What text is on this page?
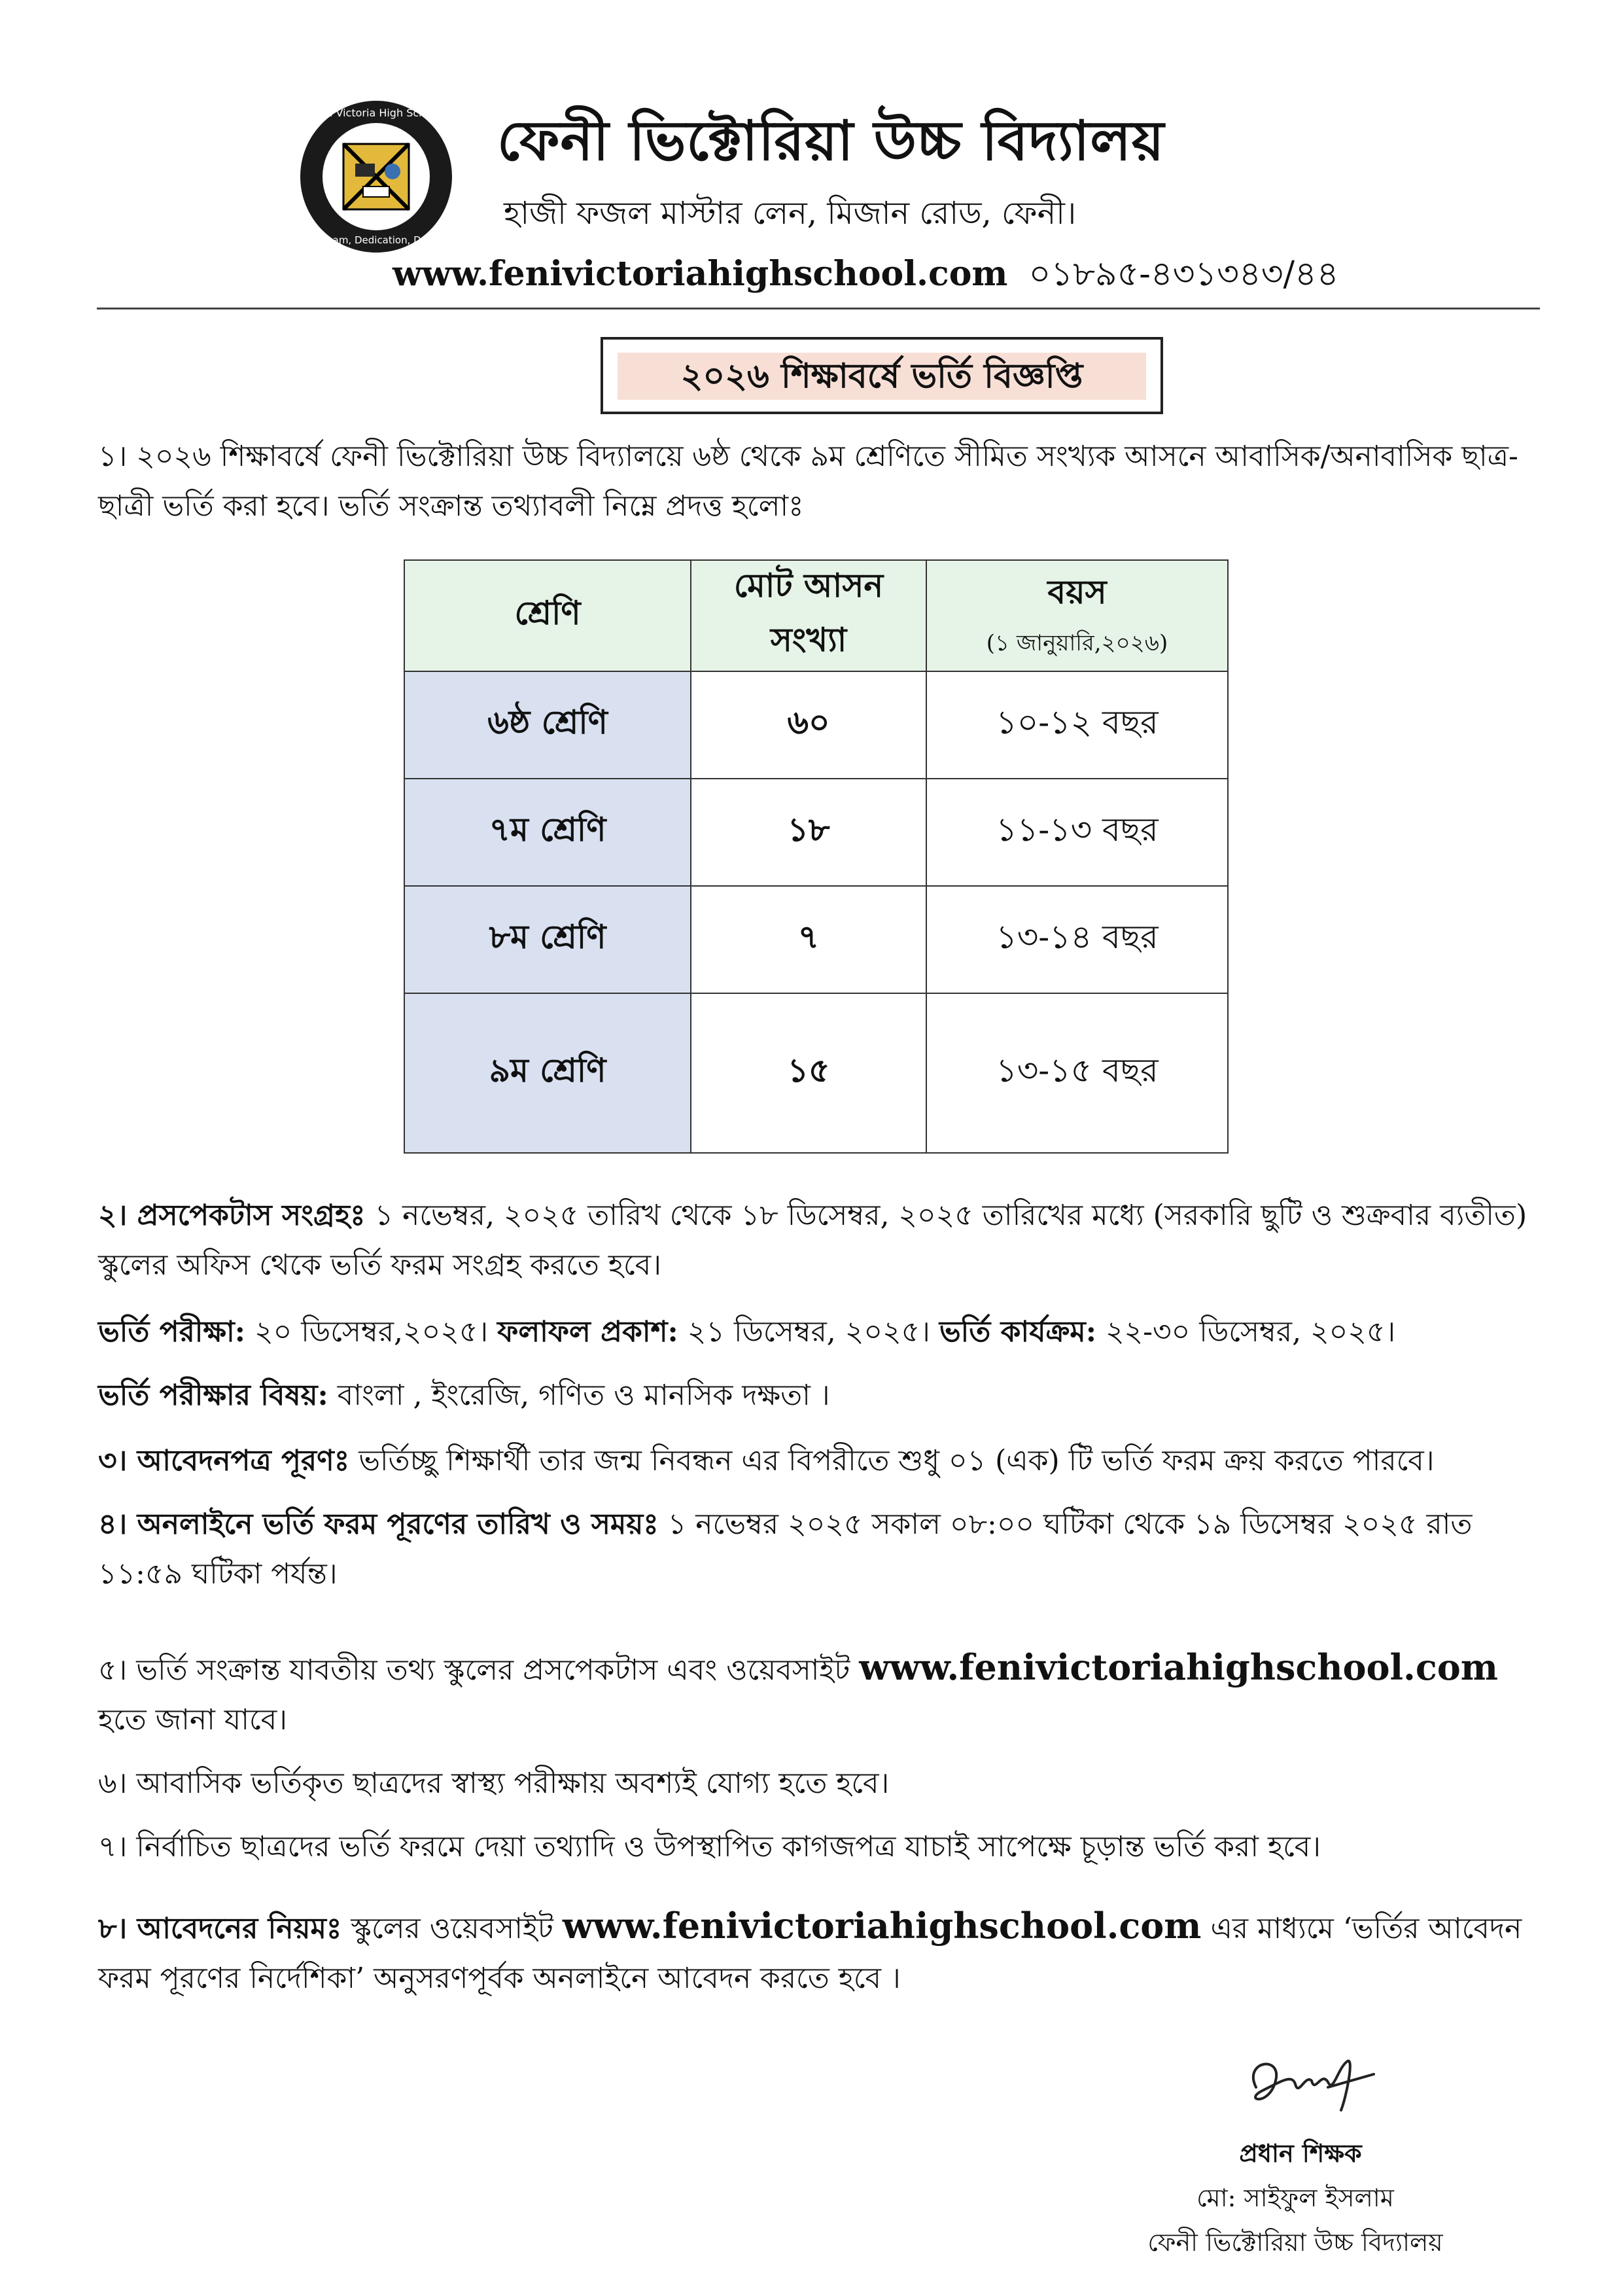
Feni Victoria High School
Dream, Dedication, Duty
ফেনী ভিক্টোরিয়া উচ্চ বিদ্যালয়
হাজী ফজল মাস্টার লেন, মিজান রোড, ফেনী।
www.fenivictoriahighschool.com ০১৮৯৫-৪৩১৩৪৩/৪৪
২০২৬ শিক্ষাবর্ষে ভর্তি বিজ্ঞপ্তি
১। ২০২৬ শিক্ষাবর্ষে ফেনী ভিক্টোরিয়া উচ্চ বিদ্যালয়ে ৬ষ্ঠ থেকে ৯ম শ্রেণিতে সীমিত সংখ্যক আসনে আবাসিক/অনাবাসিক ছাত্র-ছাত্রী ভর্তি করা হবে। ভর্তি সংক্রান্ত তথ্যাবলী নিম্নে প্রদত্ত হলোঃ
শ্রেণি	মোট আসন সংখ্যা	বয়স
(১ জানুয়ারি,২০২৬)

৬ষ্ঠ শ্রেণি	৬০	১০-১২ বছর
৭ম শ্রেণি	১৮	১১-১৩ বছর
৮ম শ্রেণি	৭	১৩-১৪ বছর
৯ম শ্রেণি	১৫	১৩-১৫ বছর
২। প্রসপেকটাস সংগ্রহঃ ১ নভেম্বর, ২০২৫ তারিখ থেকে ১৮ ডিসেম্বর, ২০২৫ তারিখের মধ্যে (সরকারি ছুটি ও শুক্রবার ব্যতীত) স্কুলের অফিস থেকে ভর্তি ফরম সংগ্রহ করতে হবে।
ভর্তি পরীক্ষা: ২০ ডিসেম্বর,২০২৫। ফলাফল প্রকাশ: ২১ ডিসেম্বর, ২০২৫। ভর্তি কার্যক্রম: ২২-৩০ ডিসেম্বর, ২০২৫।
ভর্তি পরীক্ষার বিষয়: বাংলা , ইংরেজি, গণিত ও মানসিক দক্ষতা ।
৩। আবেদনপত্র পূরণঃ ভর্তিচ্ছু শিক্ষার্থী তার জন্ম নিবন্ধন এর বিপরীতে শুধু ০১ (এক) টি ভর্তি ফরম ক্রয় করতে পারবে।
৪। অনলাইনে ভর্তি ফরম পূরণের তারিখ ও সময়ঃ ১ নভেম্বর ২০২৫ সকাল ০৮:০০ ঘটিকা থেকে ১৯ ডিসেম্বর ২০২৫ রাত ১১:৫৯ ঘটিকা পর্যন্ত।
৫। ভর্তি সংক্রান্ত যাবতীয় তথ্য স্কুলের প্রসপেকটাস এবং ওয়েবসাইট www.fenivictoriahighschool.com হতে জানা যাবে।
৬। আবাসিক ভর্তিকৃত ছাত্রদের স্বাস্থ্য পরীক্ষায় অবশ্যই যোগ্য হতে হবে।
৭। নির্বাচিত ছাত্রদের ভর্তি ফরমে দেয়া তথ্যাদি ও উপস্থাপিত কাগজপত্র যাচাই সাপেক্ষে চূড়ান্ত ভর্তি করা হবে।
৮। আবেদনের নিয়মঃ স্কুলের ওয়েবসাইট www.fenivictoriahighschool.com এর মাধ্যমে ‘ভর্তির আবেদন ফরম পূরণের নির্দেশিকা’ অনুসরণপূর্বক অনলাইনে আবেদন করতে হবে ।
প্রধান শিক্ষক
মো: সাইফুল ইসলাম
ফেনী ভিক্টোরিয়া উচ্চ বিদ্যালয়
